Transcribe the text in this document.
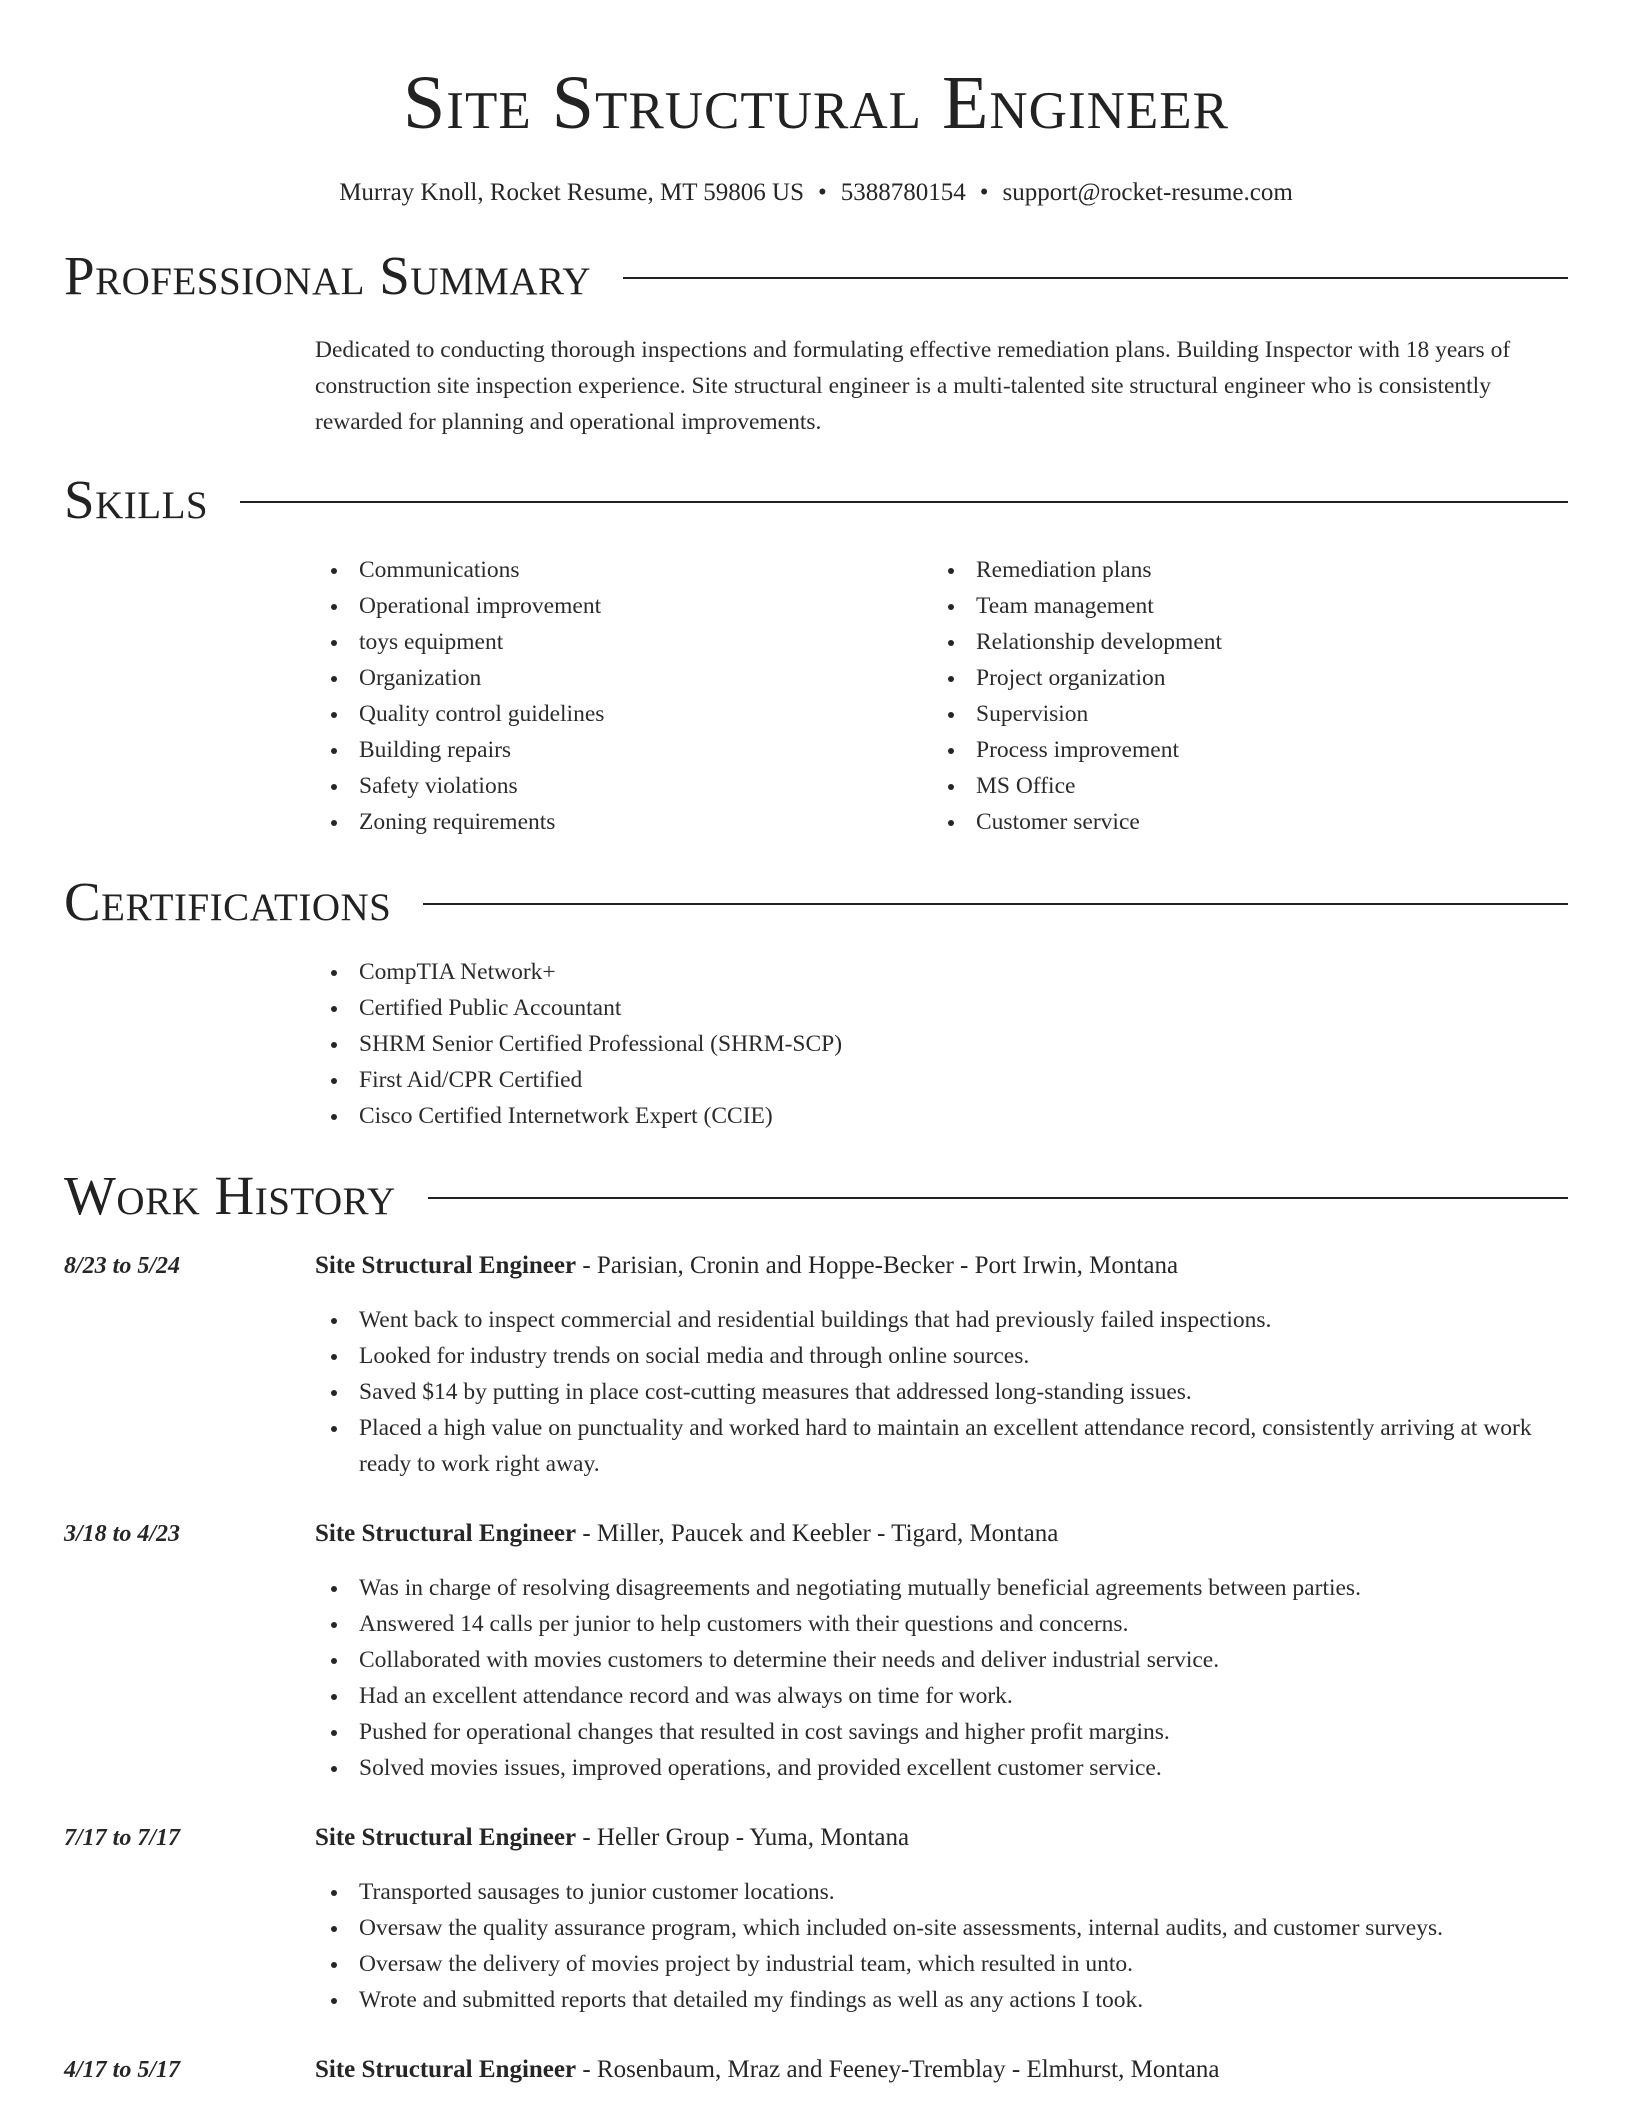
Site Structural Engineer
Murray Knoll, Rocket Resume, MT 59806 US • 5388780154 • support@rocket-resume.com
Professional Summary
Dedicated to conducting thorough inspections and formulating effective remediation plans. Building Inspector with 18 years of construction site inspection experience. Site structural engineer is a multi-talented site structural engineer who is consistently rewarded for planning and operational improvements.
Skills
Communications
Operational improvement
toys equipment
Organization
Quality control guidelines
Building repairs
Safety violations
Zoning requirements
Remediation plans
Team management
Relationship development
Project organization
Supervision
Process improvement
MS Office
Customer service
Certifications
CompTIA Network+
Certified Public Accountant
SHRM Senior Certified Professional (SHRM-SCP)
First Aid/CPR Certified
Cisco Certified Internetwork Expert (CCIE)
Work History
8/23 to 5/24	Site Structural Engineer - Parisian, Cronin and Hoppe-Becker - Port Irwin, Montana
Went back to inspect commercial and residential buildings that had previously failed inspections.
Looked for industry trends on social media and through online sources.
Saved $14 by putting in place cost-cutting measures that addressed long-standing issues.
Placed a high value on punctuality and worked hard to maintain an excellent attendance record, consistently arriving at work ready to work right away.
3/18 to 4/23	Site Structural Engineer - Miller, Paucek and Keebler - Tigard, Montana
Was in charge of resolving disagreements and negotiating mutually beneficial agreements between parties.
Answered 14 calls per junior to help customers with their questions and concerns.
Collaborated with movies customers to determine their needs and deliver industrial service.
Had an excellent attendance record and was always on time for work.
Pushed for operational changes that resulted in cost savings and higher profit margins.
Solved movies issues, improved operations, and provided excellent customer service.
7/17 to 7/17	Site Structural Engineer - Heller Group - Yuma, Montana
Transported sausages to junior customer locations.
Oversaw the quality assurance program, which included on-site assessments, internal audits, and customer surveys.
Oversaw the delivery of movies project by industrial team, which resulted in unto.
Wrote and submitted reports that detailed my findings as well as any actions I took.
4/17 to 5/17	Site Structural Engineer - Rosenbaum, Mraz and Feeney-Tremblay - Elmhurst, Montana
